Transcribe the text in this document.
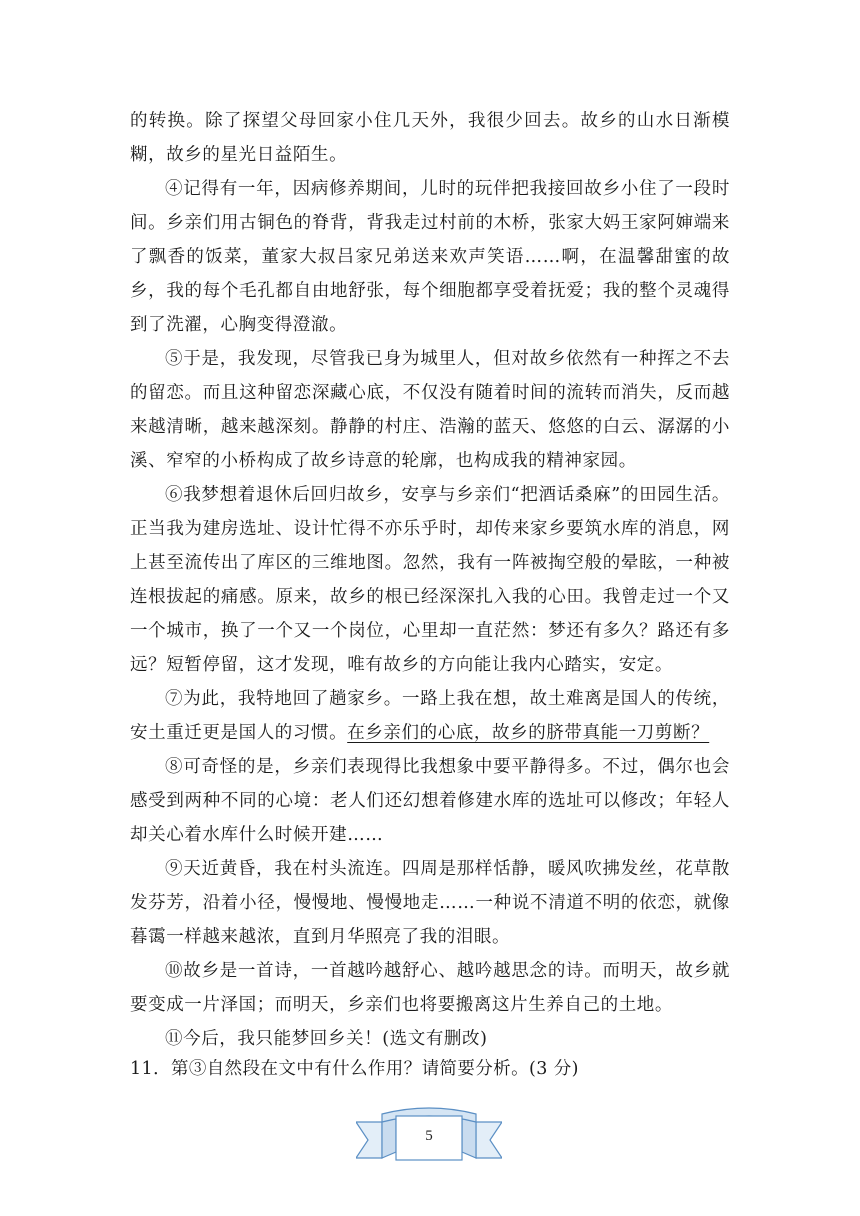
的转换。除了探望父母回家小住几天外，我很少回去。故乡的山水日渐模糊，故乡的星光日益陌生。

④记得有一年，因病修养期间，儿时的玩伴把我接回故乡小住了一段时间。乡亲们用古铜色的脊背，背我走过村前的木桥，张家大妈王家阿婶端来了飘香的饭菜，董家大叔吕家兄弟送来欢声笑语……啊，在温馨甜蜜的故乡，我的每个毛孔都自由地舒张，每个细胞都享受着抚爱；我的整个灵魂得到了洗濯，心胸变得澄澈。

⑤于是，我发现，尽管我已身为城里人，但对故乡依然有一种挥之不去的留恋。而且这种留恋深藏心底，不仅没有随着时间的流转而消失，反而越来越清晰，越来越深刻。静静的村庄、浩瀚的蓝天、悠悠的白云、潺潺的小溪、窄窄的小桥构成了故乡诗意的轮廓，也构成我的精神家园。

⑥我梦想着退休后回归故乡，安享与乡亲们“把酒话桑麻”的田园生活。正当我为建房选址、设计忙得不亦乐乎时，却传来家乡要筑水库的消息，网上甚至流传出了库区的三维地图。忽然，我有一阵被掏空般的晕眩，一种被连根拔起的痛感。原来，故乡的根已经深深扎入我的心田。我曾走过一个又一个城市，换了一个又一个岗位，心里却一直茫然：梦还有多久？路还有多远？短暂停留，这才发现，唯有故乡的方向能让我内心踏实，安定。

⑦为此，我特地回了趟家乡。一路上我在想，故土难离是国人的传统，安土重迁更是国人的习惯。在乡亲们的心底，故乡的脐带真能一刀剪断？

⑧可奇怪的是，乡亲们表现得比我想象中要平静得多。不过，偶尔也会感受到两种不同的心境：老人们还幻想着修建水库的选址可以修改；年轻人却关心着水库什么时候开建……

⑨天近黄昏，我在村头流连。四周是那样恬静，暖风吹拂发丝，花草散发芬芳，沿着小径，慢慢地、慢慢地走……一种说不清道不明的依恋，就像暮霭一样越来越浓，直到月华照亮了我的泪眼。

⑩故乡是一首诗，一首越吟越舒心、越吟越思念的诗。而明天，故乡就要变成一片泽国；而明天，乡亲们也将要搬离这片生养自己的土地。

⑪今后，我只能梦回乡关！(选文有删改)

11．第③自然段在文中有什么作用？请简要分析。(3 分)
5
